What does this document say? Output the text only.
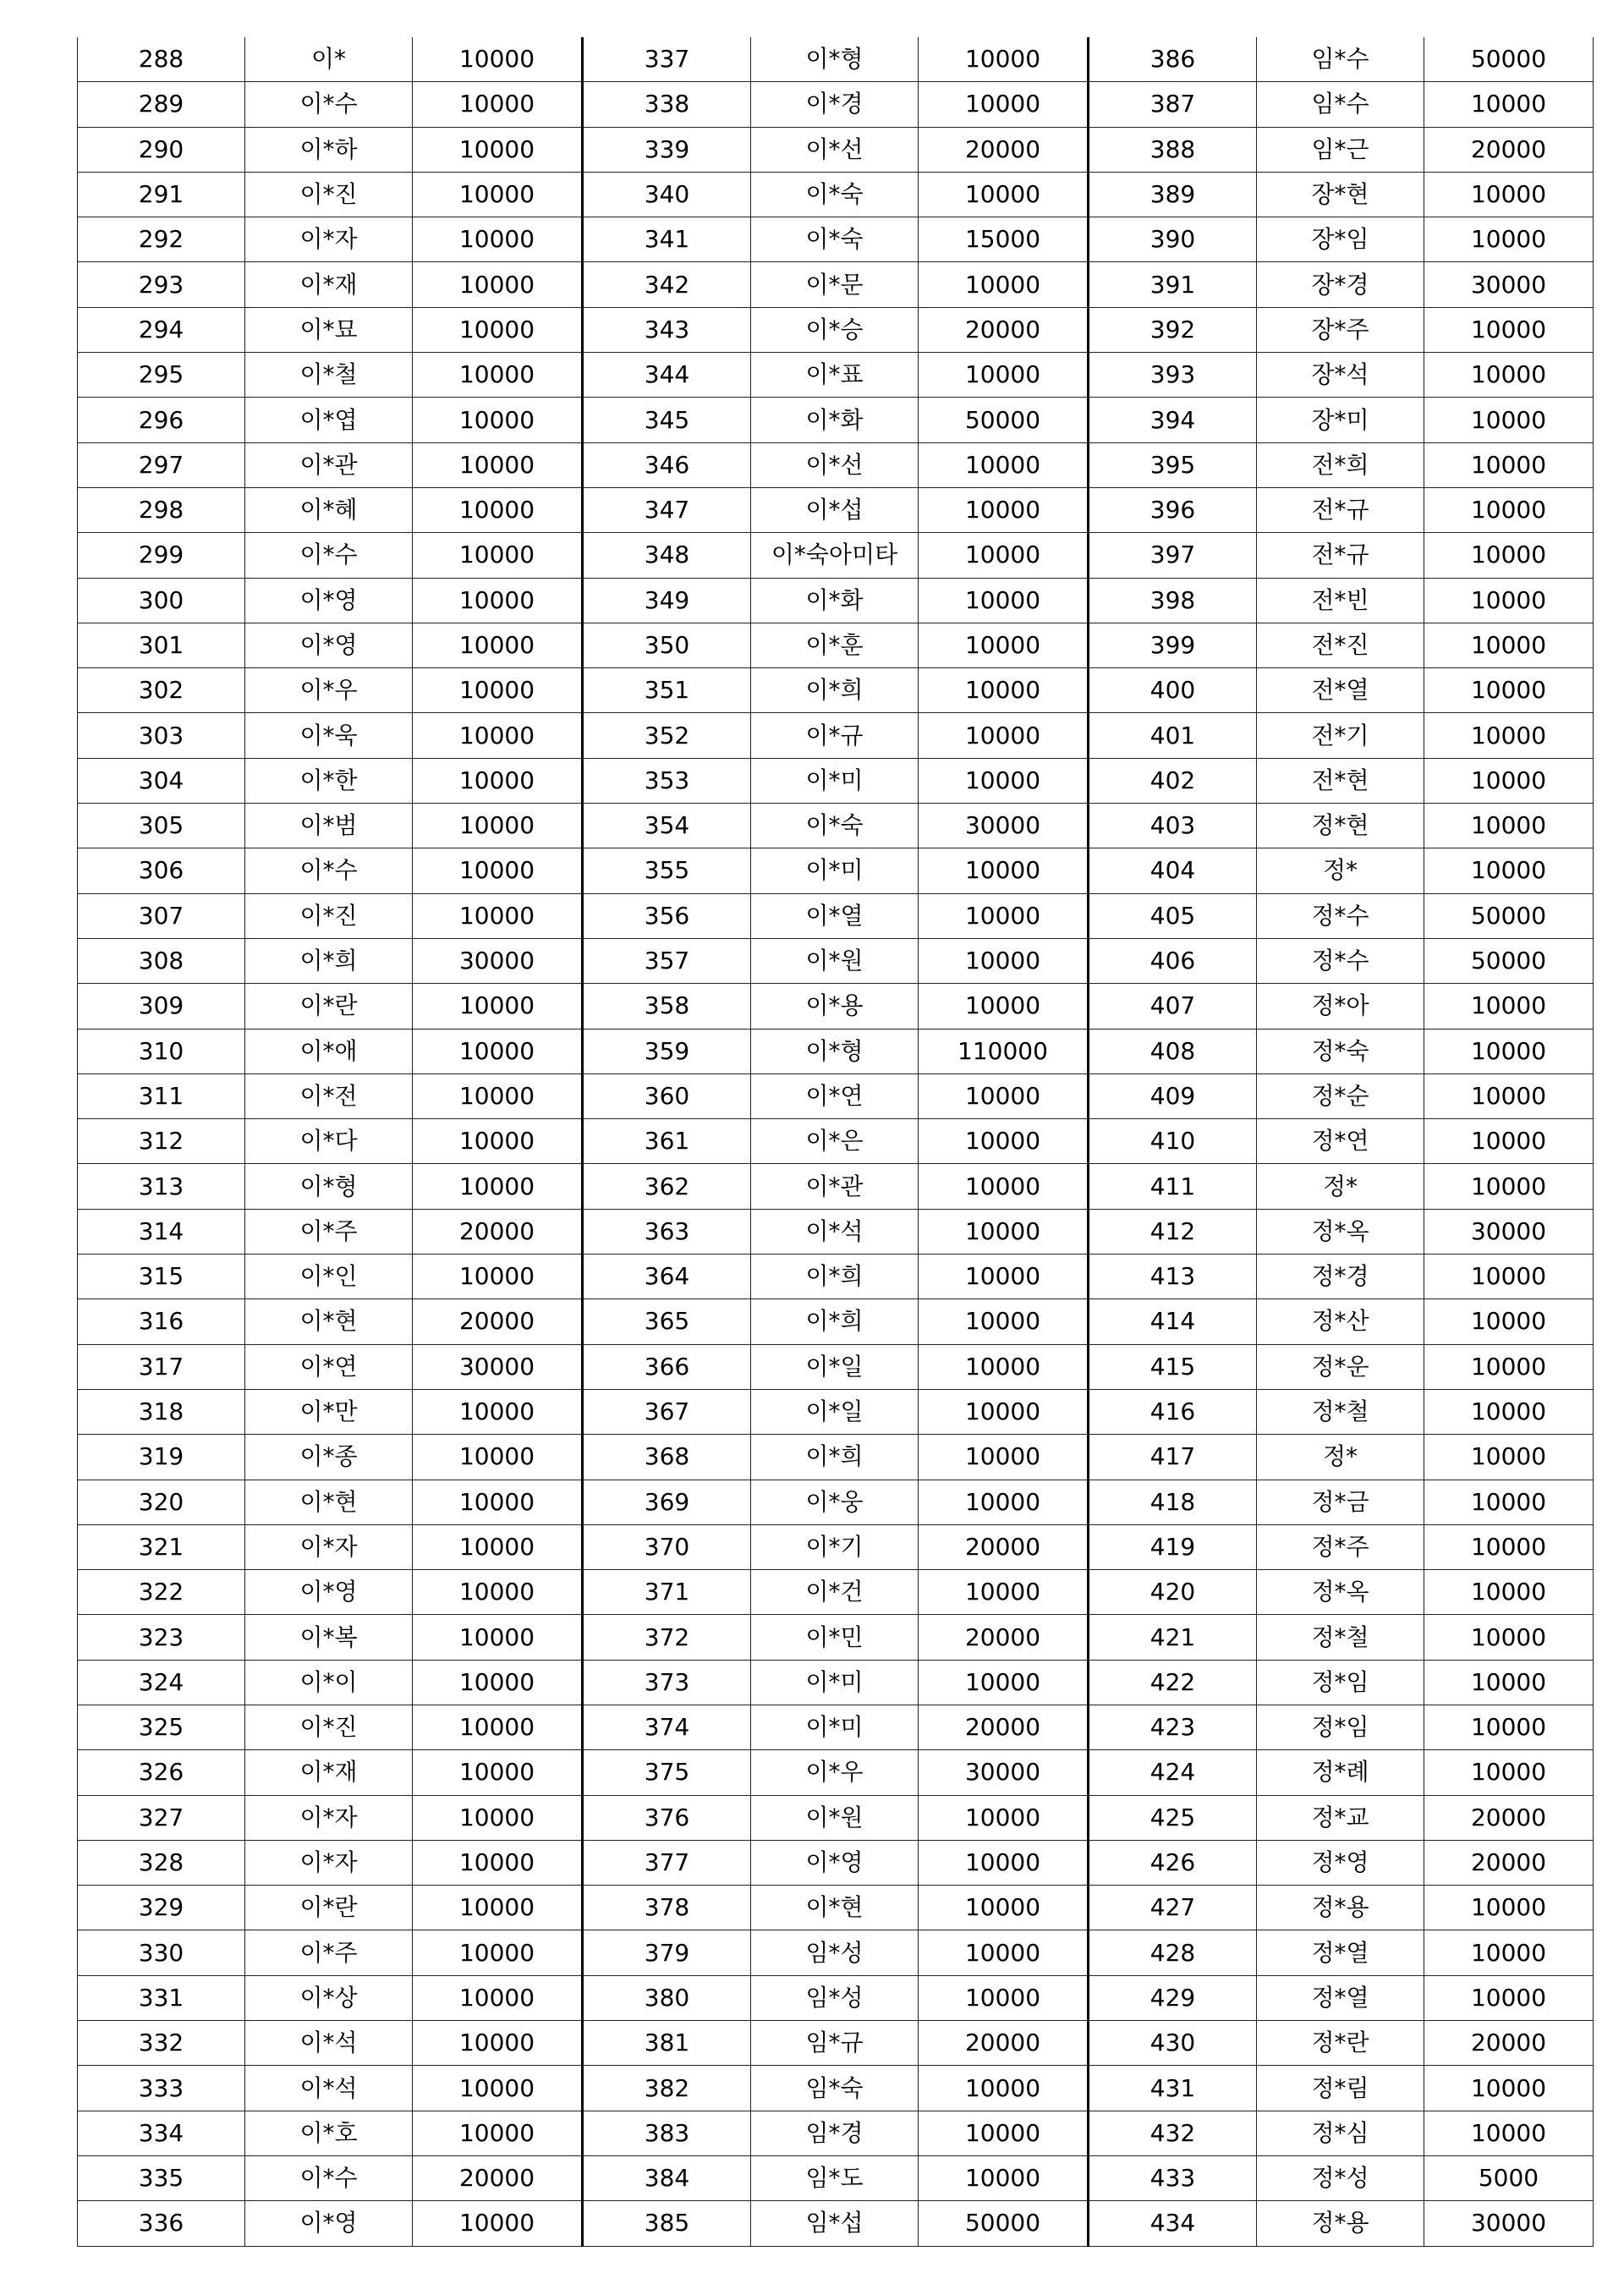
288	이*	10000	337	이*형	10000	386	임*수	50000
289	이*수	10000	338	이*경	10000	387	임*수	10000
290	이*하	10000	339	이*선	20000	388	임*근	20000
291	이*진	10000	340	이*숙	10000	389	장*현	10000
292	이*자	10000	341	이*숙	15000	390	장*임	10000
293	이*재	10000	342	이*문	10000	391	장*경	30000
294	이*묘	10000	343	이*승	20000	392	장*주	10000
295	이*철	10000	344	이*표	10000	393	장*석	10000
296	이*엽	10000	345	이*화	50000	394	장*미	10000
297	이*관	10000	346	이*선	10000	395	전*희	10000
298	이*혜	10000	347	이*섭	10000	396	전*규	10000
299	이*수	10000	348	이*숙아미타	10000	397	전*규	10000
300	이*영	10000	349	이*화	10000	398	전*빈	10000
301	이*영	10000	350	이*훈	10000	399	전*진	10000
302	이*우	10000	351	이*희	10000	400	전*열	10000
303	이*욱	10000	352	이*규	10000	401	전*기	10000
304	이*한	10000	353	이*미	10000	402	전*현	10000
305	이*범	10000	354	이*숙	30000	403	정*현	10000
306	이*수	10000	355	이*미	10000	404	정*	10000
307	이*진	10000	356	이*열	10000	405	정*수	50000
308	이*희	30000	357	이*원	10000	406	정*수	50000
309	이*란	10000	358	이*용	10000	407	정*아	10000
310	이*애	10000	359	이*형	110000	408	정*숙	10000
311	이*전	10000	360	이*연	10000	409	정*순	10000
312	이*다	10000	361	이*은	10000	410	정*연	10000
313	이*형	10000	362	이*관	10000	411	정*	10000
314	이*주	20000	363	이*석	10000	412	정*옥	30000
315	이*인	10000	364	이*희	10000	413	정*경	10000
316	이*현	20000	365	이*희	10000	414	정*산	10000
317	이*연	30000	366	이*일	10000	415	정*운	10000
318	이*만	10000	367	이*일	10000	416	정*철	10000
319	이*종	10000	368	이*희	10000	417	정*	10000
320	이*현	10000	369	이*웅	10000	418	정*금	10000
321	이*자	10000	370	이*기	20000	419	정*주	10000
322	이*영	10000	371	이*건	10000	420	정*옥	10000
323	이*복	10000	372	이*민	20000	421	정*철	10000
324	이*이	10000	373	이*미	10000	422	정*임	10000
325	이*진	10000	374	이*미	20000	423	정*임	10000
326	이*재	10000	375	이*우	30000	424	정*례	10000
327	이*자	10000	376	이*원	10000	425	정*교	20000
328	이*자	10000	377	이*영	10000	426	정*영	20000
329	이*란	10000	378	이*현	10000	427	정*용	10000
330	이*주	10000	379	임*성	10000	428	정*열	10000
331	이*상	10000	380	임*성	10000	429	정*열	10000
332	이*석	10000	381	임*규	20000	430	정*란	20000
333	이*석	10000	382	임*숙	10000	431	정*림	10000
334	이*호	10000	383	임*경	10000	432	정*심	10000
335	이*수	20000	384	임*도	10000	433	정*성	5000
336	이*영	10000	385	임*섭	50000	434	정*용	30000
